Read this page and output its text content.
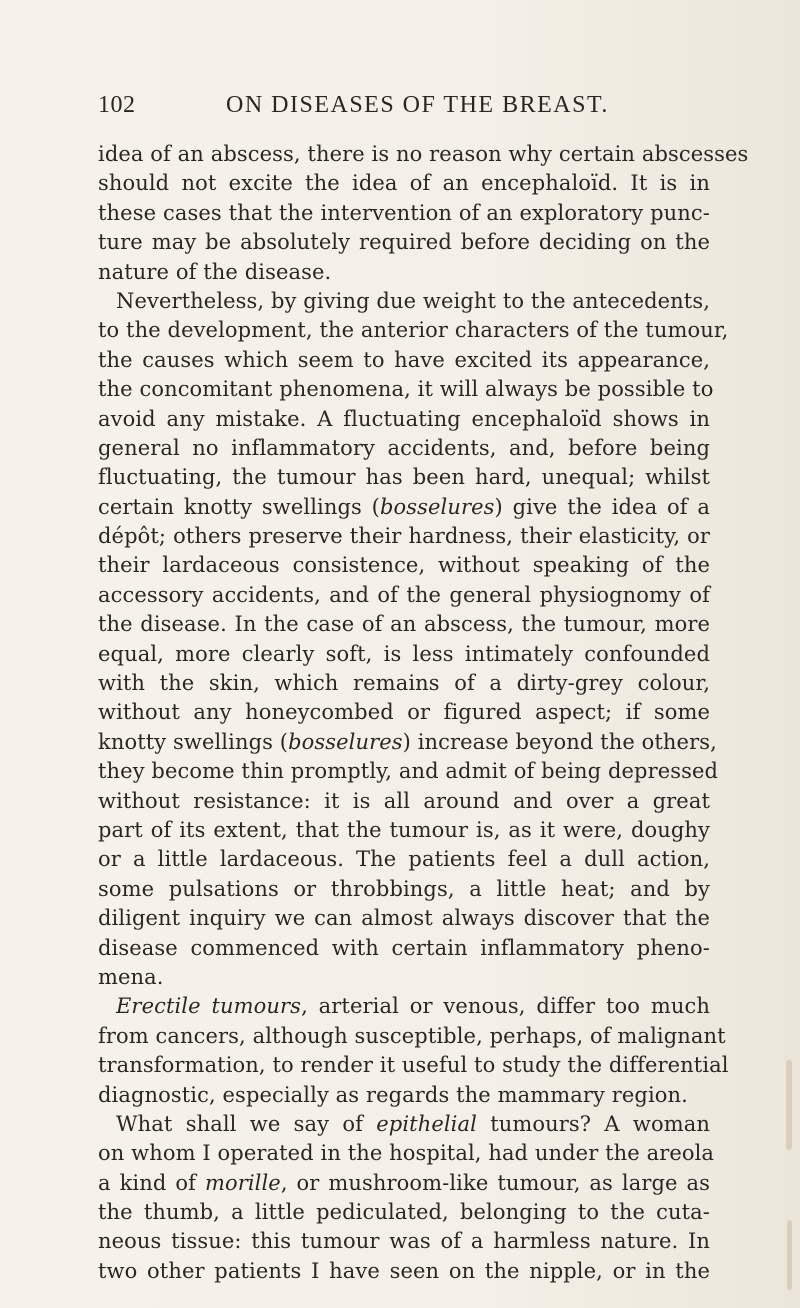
102	ON DISEASES OF THE BREAST.
idea of an abscess, there is no reason why certain abscesses
should not excite the idea of an encephaloïd. It is in
these cases that the intervention of an exploratory punc-
ture may be absolutely required before deciding on the
nature of the disease.
Nevertheless, by giving due weight to the antecedents,
to the development, the anterior characters of the tumour,
the causes which seem to have excited its appearance,
the concomitant phenomena, it will always be possible to
avoid any mistake. A fluctuating encephaloïd shows in
general no inflammatory accidents, and, before being
fluctuating, the tumour has been hard, unequal; whilst
certain knotty swellings (bosselures) give the idea of a
dépôt; others preserve their hardness, their elasticity, or
their lardaceous consistence, without speaking of the
accessory accidents, and of the general physiognomy of
the disease. In the case of an abscess, the tumour, more
equal, more clearly soft, is less intimately confounded
with the skin, which remains of a dirty-grey colour,
without any honeycombed or figured aspect; if some
knotty swellings (bosselures) increase beyond the others,
they become thin promptly, and admit of being depressed
without resistance: it is all around and over a great
part of its extent, that the tumour is, as it were, doughy
or a little lardaceous. The patients feel a dull action,
some pulsations or throbbings, a little heat; and by
diligent inquiry we can almost always discover that the
disease commenced with certain inflammatory pheno-
mena.
Erectile tumours, arterial or venous, differ too much
from cancers, although susceptible, perhaps, of malignant
transformation, to render it useful to study the differential
diagnostic, especially as regards the mammary region.
What shall we say of epithelial tumours? A woman
on whom I operated in the hospital, had under the areola
a kind of morille, or mushroom-like tumour, as large as
the thumb, a little pediculated, belonging to the cuta-
neous tissue: this tumour was of a harmless nature. In
two other patients I have seen on the nipple, or in the
